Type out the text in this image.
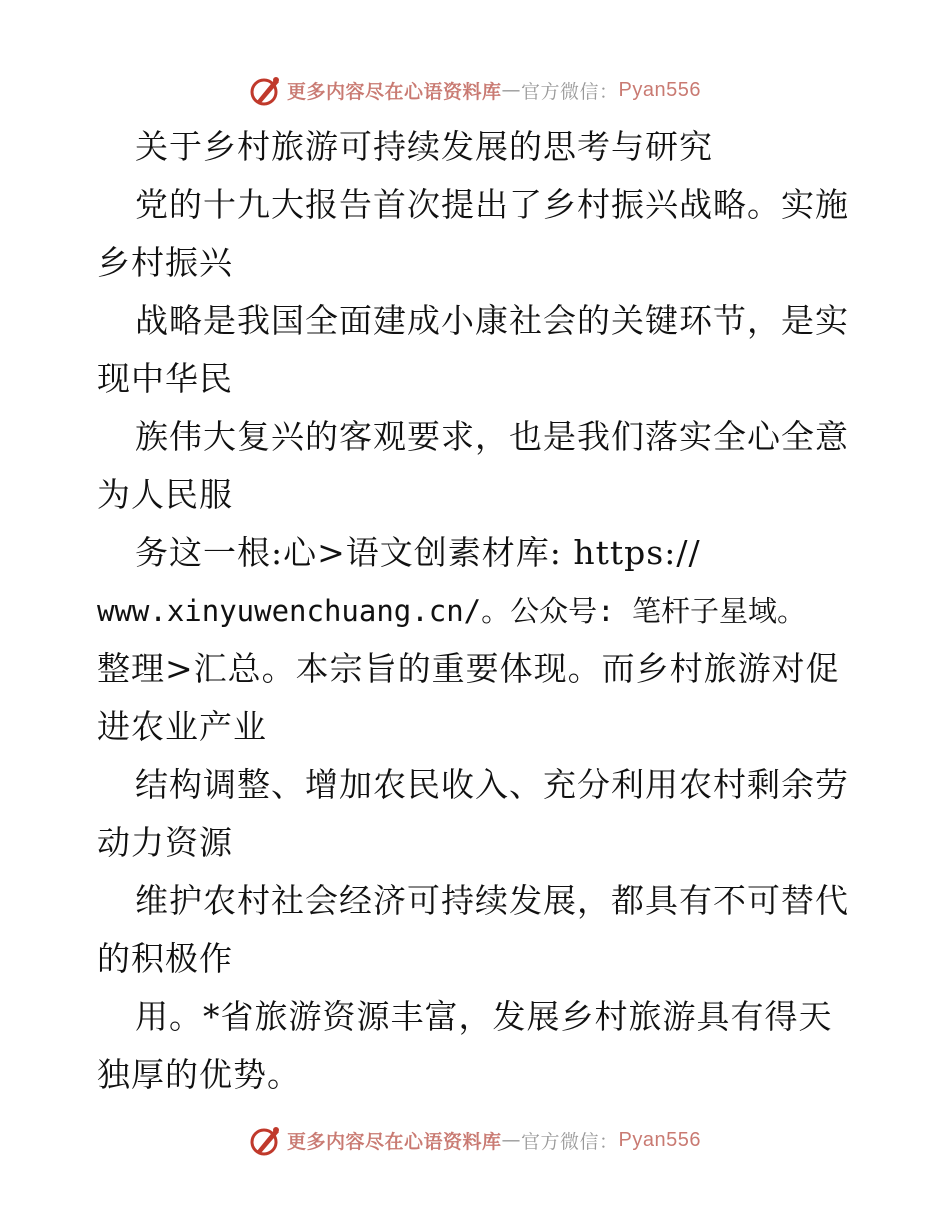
更多内容尽在心语资料库 — 官方微信： Pyan556
关于乡村旅游可持续发展的思考与研究
党的十九大报告首次提出了乡村振兴战略。实施
乡村振兴
战略是我国全面建成小康社会的关键环节，是实
现中华民
族伟大复兴的客观要求，也是我们落实全心全意
为人民服
务这一根:心>语文创素材库: https://
www.xinyuwenchuang.cn/。公众号: 笔杆子星域。
整理>汇总。本宗旨的重要体现。而乡村旅游对促
进农业产业
结构调整、增加农民收入、充分利用农村剩余劳
动力资源
维护农村社会经济可持续发展，都具有不可替代
的积极作
用。*省旅游资源丰富，发展乡村旅游具有得天
独厚的优势。
更多内容尽在心语资料库 — 官方微信： Pyan556
